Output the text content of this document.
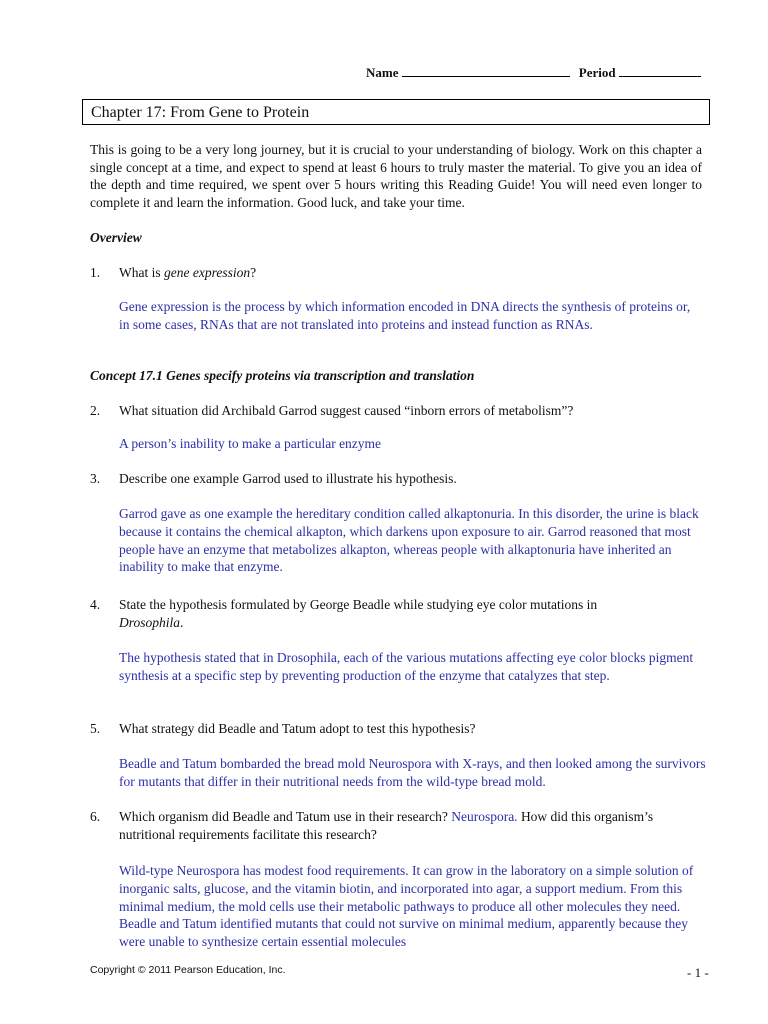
Name	Period
Chapter 17: From Gene to Protein
This is going to be a very long journey, but it is crucial to your understanding of biology. Work on this chapter a single concept at a time, and expect to spend at least 6 hours to truly master the material. To give you an idea of the depth and time required, we spent over 5 hours writing this Reading Guide! You will need even longer to complete it and learn the information. Good luck, and take your time.
Overview
1. What is gene expression?
Gene expression is the process by which information encoded in DNA directs the synthesis of proteins or, in some cases, RNAs that are not translated into proteins and instead function as RNAs.
Concept 17.1 Genes specify proteins via transcription and translation
2. What situation did Archibald Garrod suggest caused “inborn errors of metabolism”?
A person’s inability to make a particular enzyme
3. Describe one example Garrod used to illustrate his hypothesis.
Garrod gave as one example the hereditary condition called alkaptonuria. In this disorder, the urine is black because it contains the chemical alkapton, which darkens upon exposure to air. Garrod reasoned that most people have an enzyme that metabolizes alkapton, whereas people with alkaptonuria have inherited an inability to make that enzyme.
4. State the hypothesis formulated by George Beadle while studying eye color mutations in Drosophila.
The hypothesis stated that in Drosophila, each of the various mutations affecting eye color blocks pigment synthesis at a specific step by preventing production of the enzyme that catalyzes that step.
5. What strategy did Beadle and Tatum adopt to test this hypothesis?
Beadle and Tatum bombarded the bread mold Neurospora with X-rays, and then looked among the survivors for mutants that differ in their nutritional needs from the wild-type bread mold.
6. Which organism did Beadle and Tatum use in their research? Neurospora. How did this organism’s nutritional requirements facilitate this research?
Wild-type Neurospora has modest food requirements. It can grow in the laboratory on a simple solution of inorganic salts, glucose, and the vitamin biotin, and incorporated into agar, a support medium. From this minimal medium, the mold cells use their metabolic pathways to produce all other molecules they need. Beadle and Tatum identified mutants that could not survive on minimal medium, apparently because they were unable to synthesize certain essential molecules
Copyright © 2011 Pearson Education, Inc.	- 1 -
